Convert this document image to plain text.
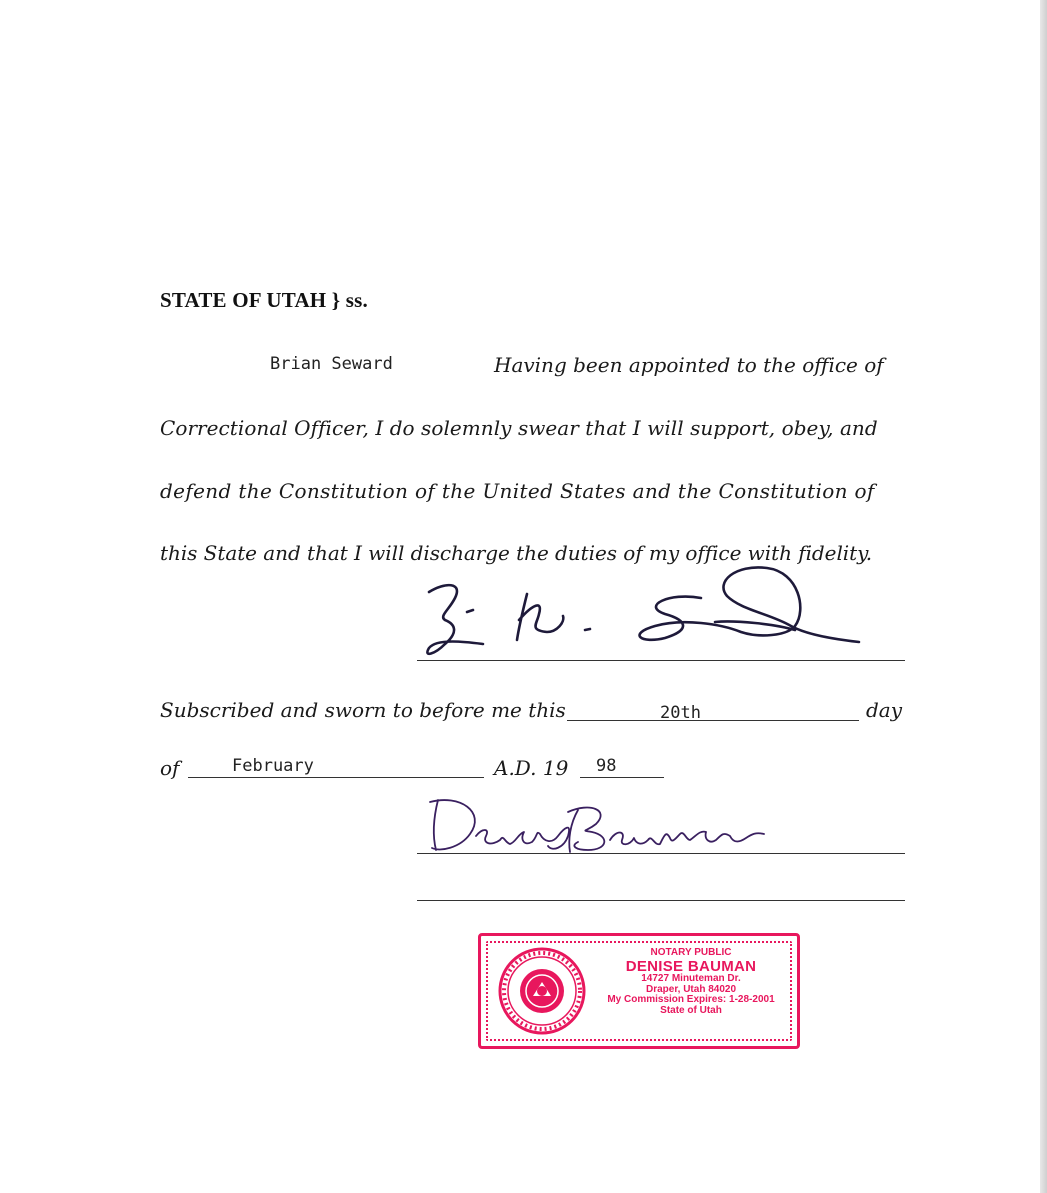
STATE OF UTAH } ss.
Brian Seward	Having been appointed to the office of
Correctional Officer, I do solemnly swear that I will support, obey, and
defend the Constitution of the United States and the Constitution of
this State and that I will discharge the duties of my office with fidelity.
Subscribed and sworn to before me this	20th	day
of	February	A.D. 19 98
NOTARY PUBLIC
DENISE BAUMAN
14727 Minuteman Dr.
Draper, Utah 84020
My Commission Expires: 1-28-2001
State of Utah
